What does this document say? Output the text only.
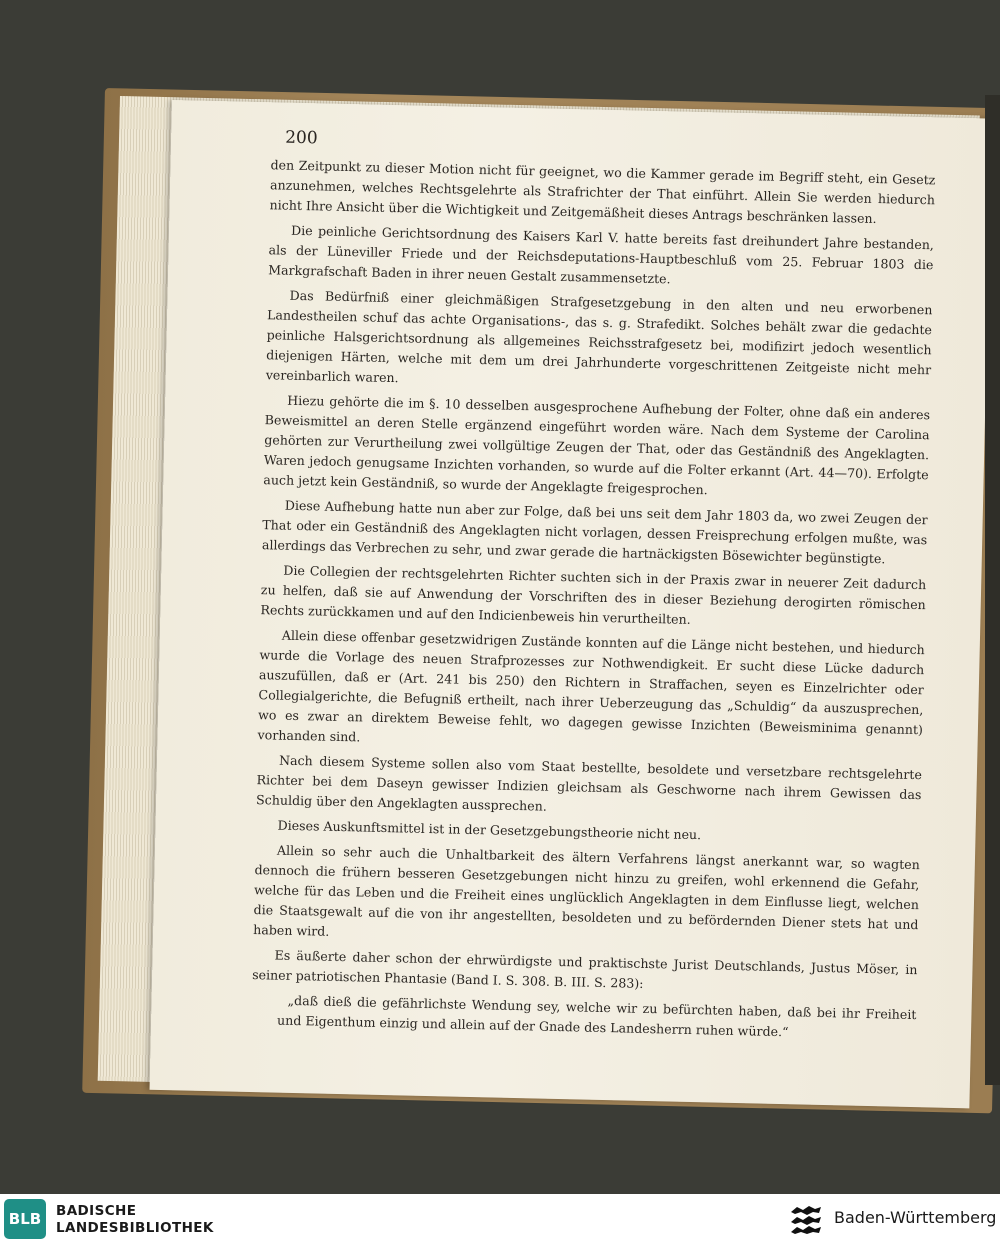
200

den Zeitpunkt zu dieser Motion nicht für geeignet, wo die Kammer gerade im Begriff steht, ein Gesetz anzunehmen, welches Rechtsgelehrte als Strafrichter der That einführt. Allein Sie werden hiedurch nicht Ihre Ansicht über die Wichtigkeit und Zeitgemäßheit dieses Antrags beschränken lassen.

Die peinliche Gerichtsordnung des Kaisers Karl V. hatte bereits fast dreihundert Jahre bestanden, als der Lüneviller Friede und der Reichsdeputations-Hauptbeschluß vom 25. Februar 1803 die Markgrafschaft Baden in ihrer neuen Gestalt zusammensetzte.

Das Bedürfniß einer gleichmäßigen Strafgesetzgebung in den alten und neu erworbenen Landestheilen schuf das achte Organisations-, das s. g. Strafedikt. Solches behält zwar die gedachte peinliche Halsgerichtsordnung als allgemeines Reichsstrafgesetz bei, modifizirt jedoch wesentlich diejenigen Härten, welche mit dem um drei Jahrhunderte vorgeschrittenen Zeitgeiste nicht mehr vereinbarlich waren.

Hiezu gehörte die im §. 10 desselben ausgesprochene Aufhebung der Folter, ohne daß ein anderes Beweismittel an deren Stelle ergänzend eingeführt worden wäre. Nach dem Systeme der Carolina gehörten zur Verurtheilung zwei vollgültige Zeugen der That, oder das Geständniß des Angeklagten. Waren jedoch genugsame Inzichten vorhanden, so wurde auf die Folter erkannt (Art. 44—70). Erfolgte auch jetzt kein Geständniß, so wurde der Angeklagte freigesprochen.

Diese Aufhebung hatte nun aber zur Folge, daß bei uns seit dem Jahr 1803 da, wo zwei Zeugen der That oder ein Geständniß des Angeklagten nicht vorlagen, dessen Freisprechung erfolgen mußte, was allerdings das Verbrechen zu sehr, und zwar gerade die hartnäckigsten Bösewichter begünstigte.

Die Collegien der rechtsgelehrten Richter suchten sich in der Praxis zwar in neuerer Zeit dadurch zu helfen, daß sie auf Anwendung der Vorschriften des in dieser Beziehung derogirten römischen Rechts zurückkamen und auf den Indicienbeweis hin verurtheilten.

Allein diese offenbar gesetzwidrigen Zustände konnten auf die Länge nicht bestehen, und hiedurch wurde die Vorlage des neuen Strafprozesses zur Nothwendigkeit. Er sucht diese Lücke dadurch auszufüllen, daß er (Art. 241 bis 250) den Richtern in Straffachen, seyen es Einzelrichter oder Collegialgerichte, die Befugniß ertheilt, nach ihrer Ueberzeugung das „Schuldig“ da auszusprechen, wo es zwar an direktem Beweise fehlt, wo dagegen gewisse Inzichten (Beweisminima genannt) vorhanden sind.

Nach diesem Systeme sollen also vom Staat bestellte, besoldete und versetzbare rechtsgelehrte Richter bei dem Daseyn gewisser Indizien gleichsam als Geschworne nach ihrem Gewissen das Schuldig über den Angeklagten aussprechen.

Dieses Auskunftsmittel ist in der Gesetzgebungstheorie nicht neu.

Allein so sehr auch die Unhaltbarkeit des ältern Verfahrens längst anerkannt war, so wagten dennoch die frühern besseren Gesetzgebungen nicht hinzu zu greifen, wohl erkennend die Gefahr, welche für das Leben und die Freiheit eines unglücklich Angeklagten in dem Einflusse liegt, welchen die Staatsgewalt auf die von ihr angestellten, besoldeten und zu befördernden Diener stets hat und haben wird.

Es äußerte daher schon der ehrwürdigste und praktischste Jurist Deutschlands, Justus Möser, in seiner patriotischen Phantasie (Band I. S. 308. B. III. S. 283):

„daß dieß die gefährlichste Wendung sey, welche wir zu befürchten haben, daß bei ihr Freiheit und Eigenthum einzig und allein auf der Gnade des Landesherrn ruhen würde.“

BLB	BADISCHE
LANDESBIBLIOTHEK
Baden-Württemberg
